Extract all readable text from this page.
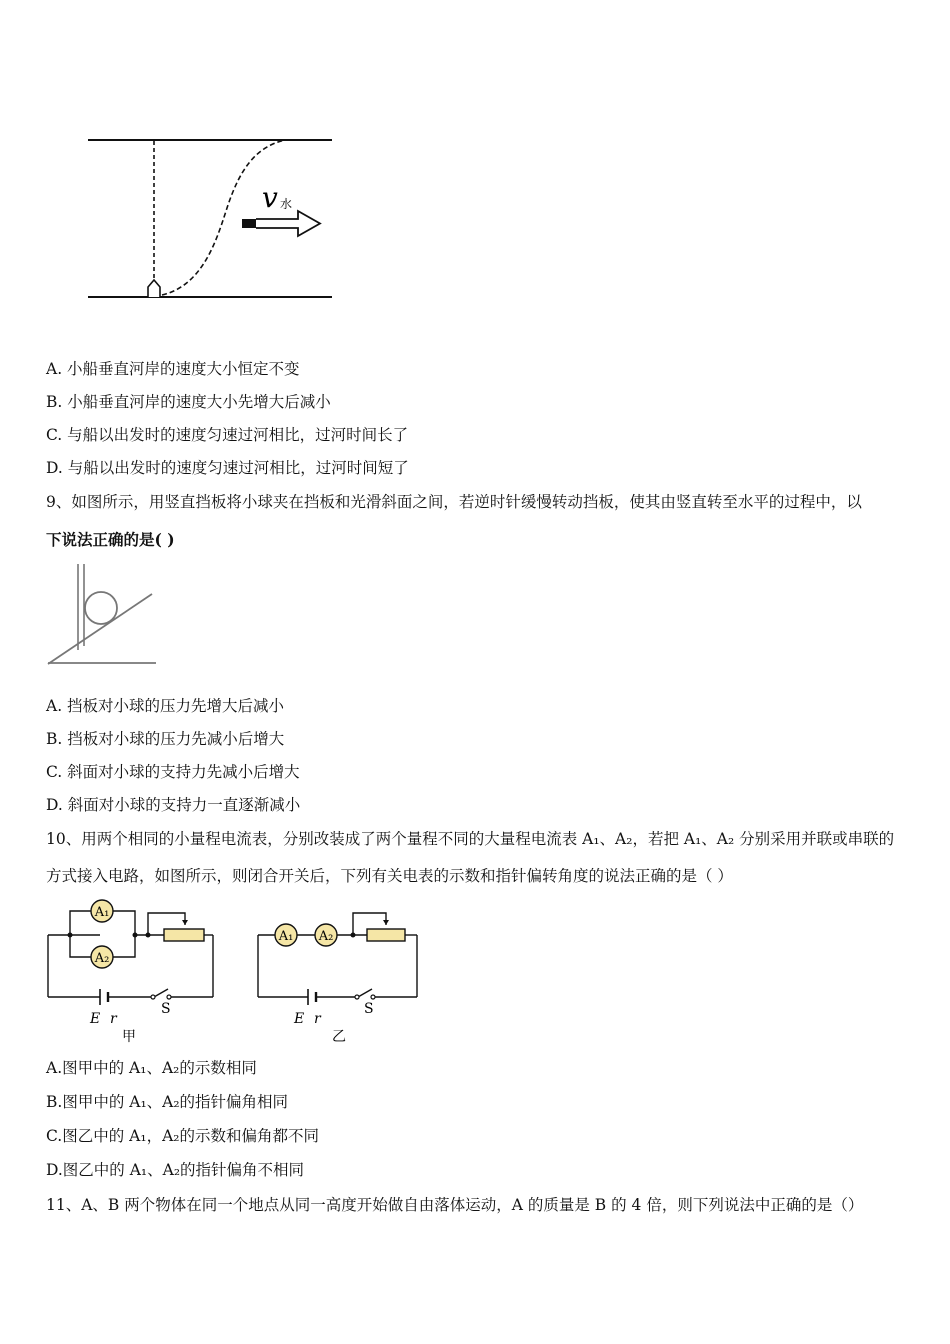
v 水
A. 小船垂直河岸的速度大小恒定不变
B. 小船垂直河岸的速度大小先增大后减小
C. 与船以出发时的速度匀速过河相比，过河时间长了
D. 与船以出发时的速度匀速过河相比，过河时间短了
9、如图所示，用竖直挡板将小球夹在挡板和光滑斜面之间，若逆时针缓慢转动挡板，使其由竖直转至水平的过程中，以
下说法正确的是( )
A. 挡板对小球的压力先增大后减小
B. 挡板对小球的压力先减小后增大
C. 斜面对小球的支持力先减小后增大
D. 斜面对小球的支持力一直逐渐减小
10、用两个相同的小量程电流表，分别改装成了两个量程不同的大量程电流表 A₁、A₂，若把 A₁、A₂ 分别采用并联或串联的
方式接入电路，如图所示，则闭合开关后，下列有关电表的示数和指针偏转角度的说法正确的是（ ）
A₁
A₂
S
E r
甲
A₁ A₂
S
E r
乙
A.图甲中的 A₁、A₂的示数相同
B.图甲中的 A₁、A₂的指针偏角相同
C.图乙中的 A₁，A₂的示数和偏角都不同
D.图乙中的 A₁、A₂的指针偏角不相同
11、A、B 两个物体在同一个地点从同一高度开始做自由落体运动，A 的质量是 B 的 4 倍，则下列说法中正确的是（）
